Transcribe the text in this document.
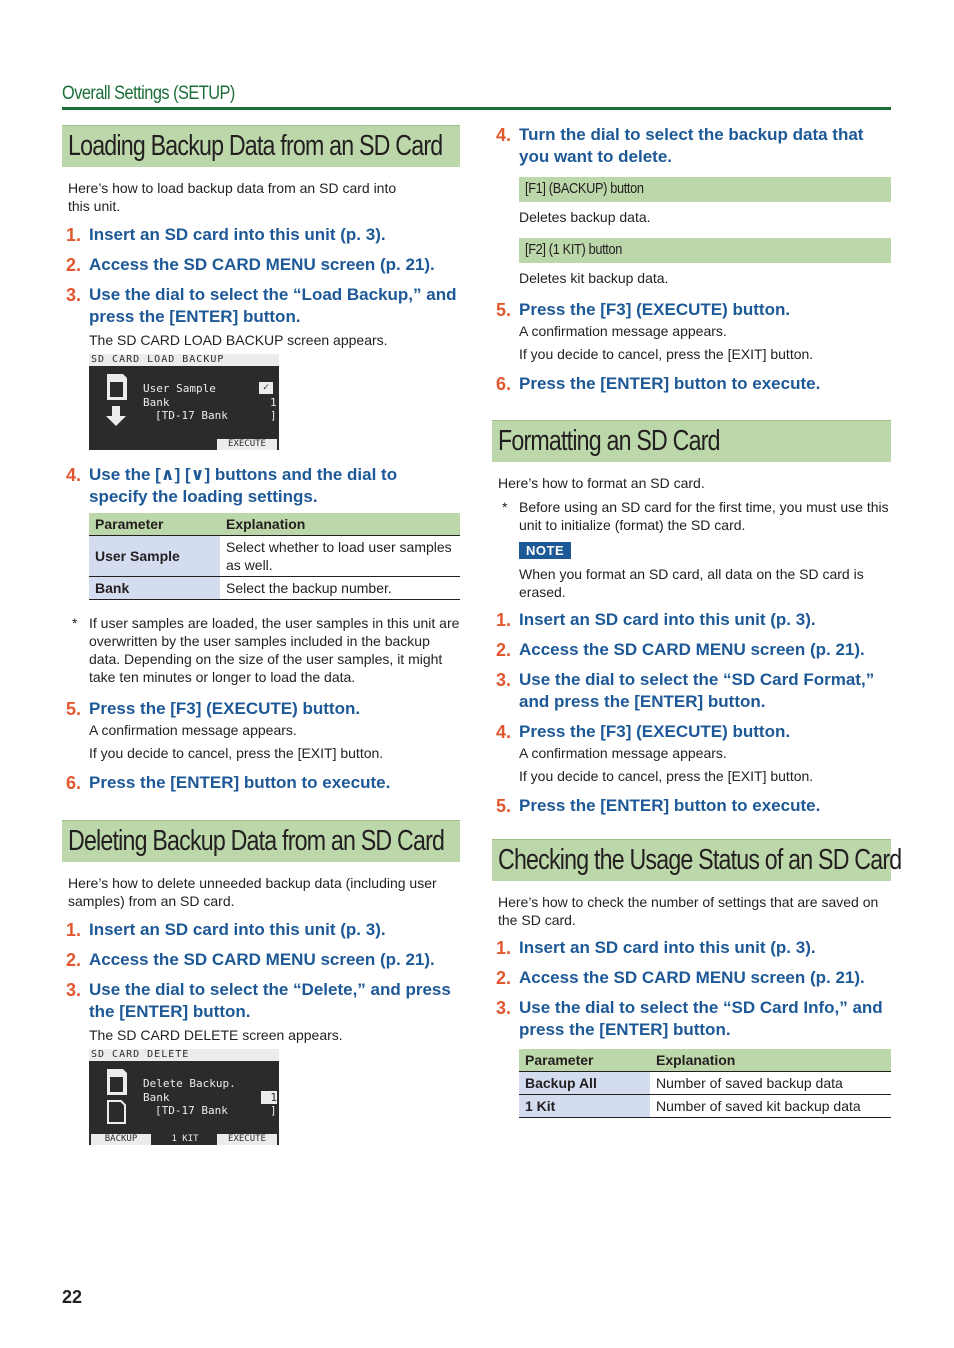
Overall Settings (SETUP)
Loading Backup Data from an SD Card

Here’s how to load backup data from an SD card into this unit.

1. Insert an SD card into this unit (p. 3).
2. Access the SD CARD MENU screen (p. 21).
3. Use the dial to select the “Load Backup,” and press the [ENTER] button.
The SD CARD LOAD BACKUP screen appears.
SD CARD LOAD BACKUP
User Sample
Bank
[TD-17 Bank
✓
1
]
EXECUTE
4. Use the [∧] [∨] buttons and the dial to specify the loading settings.
Parameter	Explanation
User Sample	Select whether to load user samples as well.
Bank	Select the backup number.
* If user samples are loaded, the user samples in this unit are overwritten by the user samples included in the backup data. Depending on the size of the user samples, it might take ten minutes or longer to load the data.
5. Press the [F3] (EXECUTE) button.
A confirmation message appears.
If you decide to cancel, press the [EXIT] button.
6. Press the [ENTER] button to execute.
Deleting Backup Data from an SD Card

Here’s how to delete unneeded backup data (including user samples) from an SD card.

1. Insert an SD card into this unit (p. 3).
2. Access the SD CARD MENU screen (p. 21).
3. Use the dial to select the “Delete,” and press the [ENTER] button.
The SD CARD DELETE screen appears.
SD CARD DELETE
Delete Backup.
Bank
[TD-17 Bank
1
]
BACKUP	1 KIT	EXECUTE
4. Turn the dial to select the backup data that you want to delete.
[F1] (BACKUP) button
Deletes backup data.
[F2] (1 KIT) button
Deletes kit backup data.
5. Press the [F3] (EXECUTE) button.
A confirmation message appears.
If you decide to cancel, press the [EXIT] button.
6. Press the [ENTER] button to execute.
Formatting an SD Card

Here’s how to format an SD card.

* Before using an SD card for the first time, you must use this unit to initialize (format) the SD card.
NOTE
When you format an SD card, all data on the SD card is erased.
1. Insert an SD card into this unit (p. 3).
2. Access the SD CARD MENU screen (p. 21).
3. Use the dial to select the “SD Card Format,” and press the [ENTER] button.
4. Press the [F3] (EXECUTE) button.
A confirmation message appears.
If you decide to cancel, press the [EXIT] button.
5. Press the [ENTER] button to execute.
Checking the Usage Status of an SD Card

Here’s how to check the number of settings that are saved on the SD card.

1. Insert an SD card into this unit (p. 3).
2. Access the SD CARD MENU screen (p. 21).
3. Use the dial to select the “SD Card Info,” and press the [ENTER] button.
Parameter	Explanation
Backup All	Number of saved backup data
1 Kit	Number of saved kit backup data
22
